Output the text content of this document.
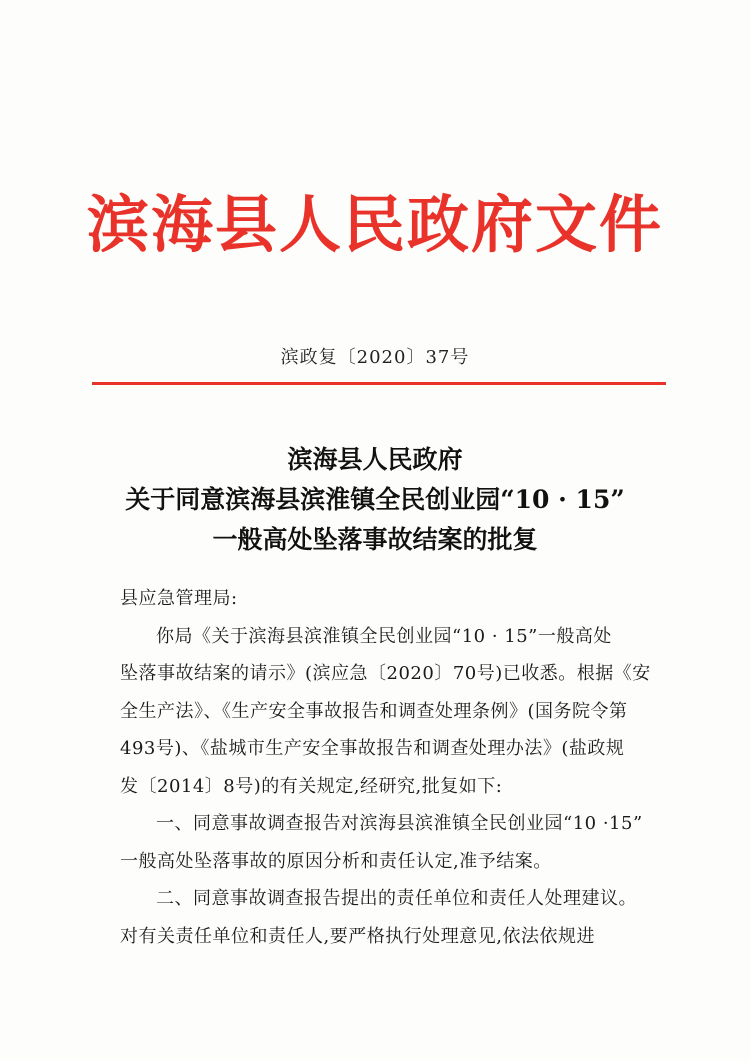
滨海县人民政府文件
滨政复〔2020〕37号
滨海县人民政府
关于同意滨海县滨淮镇全民创业园“10 · 15”
一般高处坠落事故结案的批复
县应急管理局:
你局《关于滨海县滨淮镇全民创业园“10 · 15”一般高处
坠落事故结案的请示》(滨应急〔2020〕70号)已收悉。根据《安
全生产法》、《生产安全事故报告和调查处理条例》(国务院令第
493号)、《盐城市生产安全事故报告和调查处理办法》(盐政规
发〔2014〕8号)的有关规定,经研究,批复如下:
一、同意事故调查报告对滨海县滨淮镇全民创业园“10 ·15”
一般高处坠落事故的原因分析和责任认定,准予结案。
二、同意事故调查报告提出的责任单位和责任人处理建议。
对有关责任单位和责任人,要严格执行处理意见,依法依规进
